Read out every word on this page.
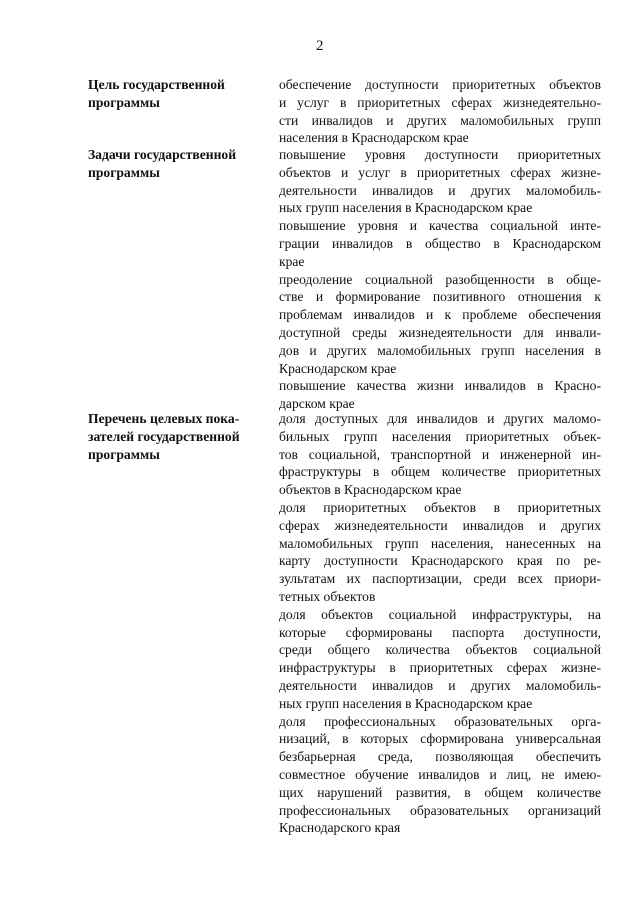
2
Цель государственной
программы
обеспечение доступности приоритетных объектов
и услуг в приоритетных сферах жизнедеятельно-
сти инвалидов и других маломобильных групп
населения в Краснодарском крае
Задачи государственной
программы
повышение уровня доступности приоритетных
объектов и услуг в приоритетных сферах жизне-
деятельности инвалидов и других маломобиль-
ных групп населения в Краснодарском крае
повышение уровня и качества социальной инте-
грации инвалидов в общество в Краснодарском
крае
преодоление социальной разобщенности в обще-
стве и формирование позитивного отношения к
проблемам инвалидов и к проблеме обеспечения
доступной среды жизнедеятельности для инвали-
дов и других маломобильных групп населения в
Краснодарском крае
повышение качества жизни инвалидов в Красно-
дарском крае
Перечень целевых пока-
зателей государственной
программы
доля доступных для инвалидов и других маломо-
бильных групп населения приоритетных объек-
тов социальной, транспортной и инженерной ин-
фраструктуры в общем количестве приоритетных
объектов в Краснодарском крае
доля приоритетных объектов в приоритетных
сферах жизнедеятельности инвалидов и других
маломобильных групп населения, нанесенных на
карту доступности Краснодарского края по ре-
зультатам их паспортизации, среди всех приори-
тетных объектов
доля объектов социальной инфраструктуры, на
которые сформированы паспорта доступности,
среди общего количества объектов социальной
инфраструктуры в приоритетных сферах жизне-
деятельности инвалидов и других маломобиль-
ных групп населения в Краснодарском крае
доля профессиональных образовательных орга-
низаций, в которых сформирована универсальная
безбарьерная среда, позволяющая обеспечить
совместное обучение инвалидов и лиц, не имею-
щих нарушений развития, в общем количестве
профессиональных образовательных организаций
Краснодарского края
